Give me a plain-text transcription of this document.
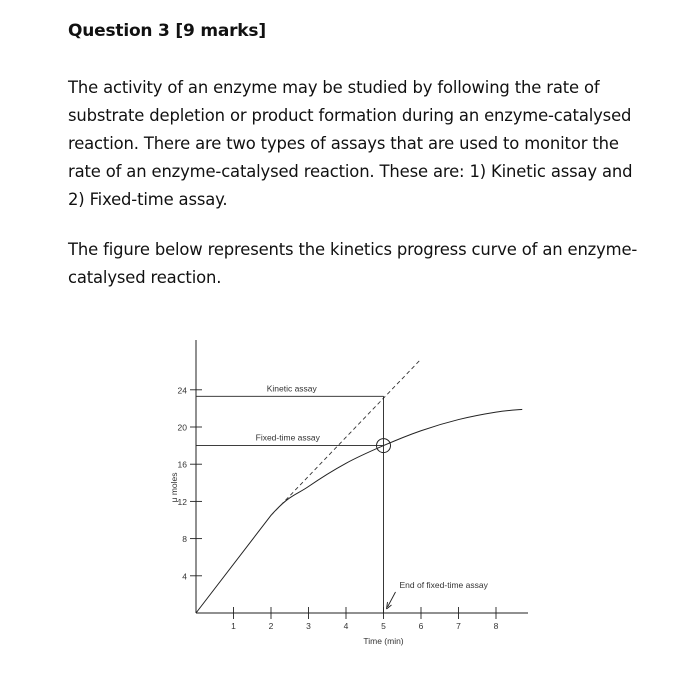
Question 3 [9 marks]
The activity of an enzyme may be studied by following the rate of
substrate depletion or product formation during an enzyme-catalysed
reaction. There are two types of assays that are used to monitor the
rate of an enzyme-catalysed reaction. These are: 1) Kinetic assay and
2) Fixed-time assay.
The figure below represents the kinetics progress curve of an enzyme-
catalysed reaction.
4
8
12
16
20
24
1	2	3	4	5	6	7	8
Time (min)
μ moles
Kinetic assay
Fixed-time assay
End of fixed-time assay
